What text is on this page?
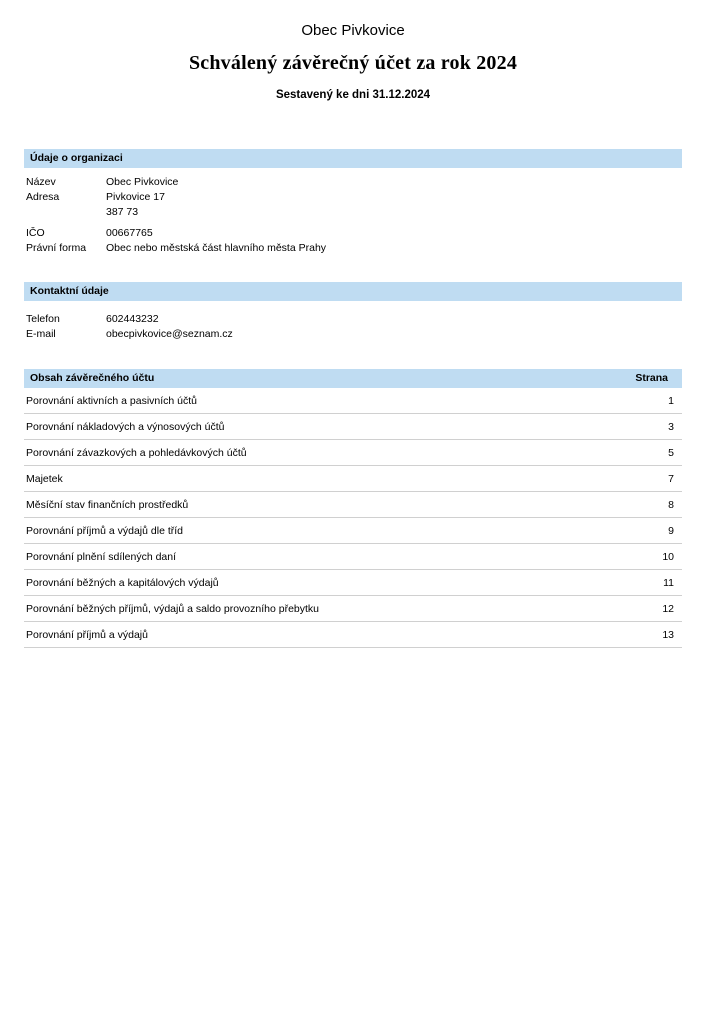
Obec Pivkovice
Schválený závěrečný účet za rok 2024
Sestavený ke dni 31.12.2024
Údaje o organizaci
Název	Obec Pivkovice
Adresa	Pivkovice 17
	387 73
IČO	00667765
Právní forma	Obec nebo městská část hlavního města Prahy
Kontaktní údaje
Telefon	602443232
E-mail	obecpivkovice@seznam.cz
Obsah závěrečného účtu	Strana
Porovnání aktivních a pasivních účtů	1
Porovnání nákladových a výnosových účtů	3
Porovnání závazkových a pohledávkových účtů	5
Majetek	7
Měsíční stav finančních prostředků	8
Porovnání příjmů a výdajů dle tříd	9
Porovnání plnění sdílených daní	10
Porovnání běžných a kapitálových výdajů	11
Porovnání běžných příjmů, výdajů a saldo provozního přebytku	12
Porovnání příjmů a výdajů	13
